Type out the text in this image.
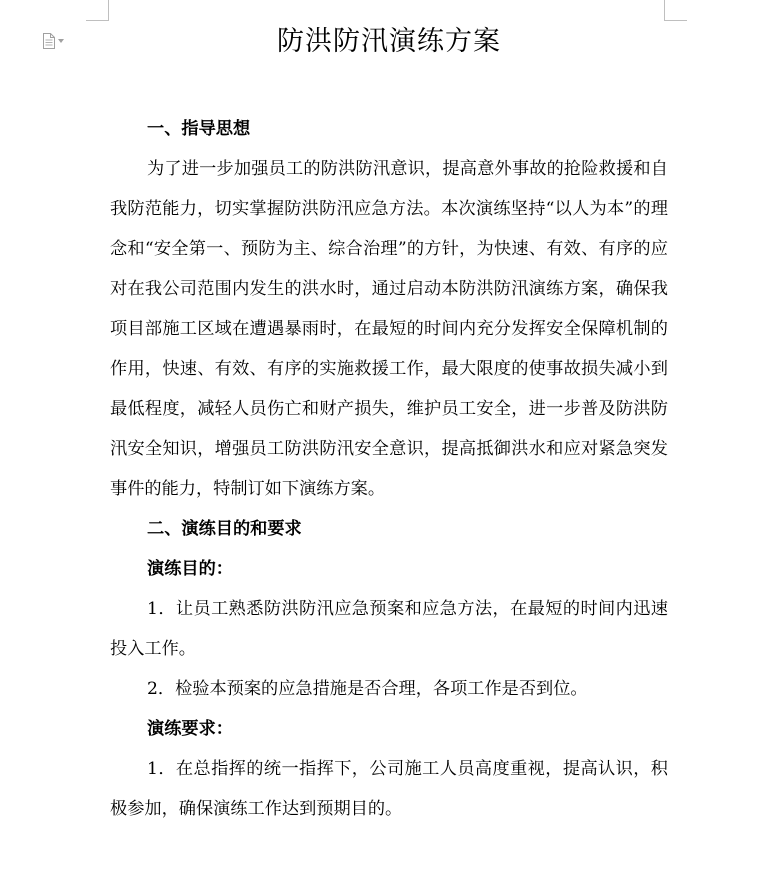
防洪防汛演练方案

一、指导思想

为了进一步加强员工的防洪防汛意识，提高意外事故的抢险救援和自我防范能力，切实掌握防洪防汛应急方法。本次演练坚持“以人为本”的理念和“安全第一、预防为主、综合治理”的方针，为快速、有效、有序的应对在我公司范围内发生的洪水时，通过启动本防洪防汛演练方案，确保我项目部施工区域在遭遇暴雨时，在最短的时间内充分发挥安全保障机制的作用，快速、有效、有序的实施救援工作，最大限度的使事故损失减小到最低程度，减轻人员伤亡和财产损失，维护员工安全，进一步普及防洪防汛安全知识，增强员工防洪防汛安全意识，提高抵御洪水和应对紧急突发事件的能力，特制订如下演练方案。

二、演练目的和要求

演练目的：

1．让员工熟悉防洪防汛应急预案和应急方法，在最短的时间内迅速投入工作。

2．检验本预案的应急措施是否合理，各项工作是否到位。

演练要求：

1．在总指挥的统一指挥下，公司施工人员高度重视，提高认识，积极参加，确保演练工作达到预期目的。
